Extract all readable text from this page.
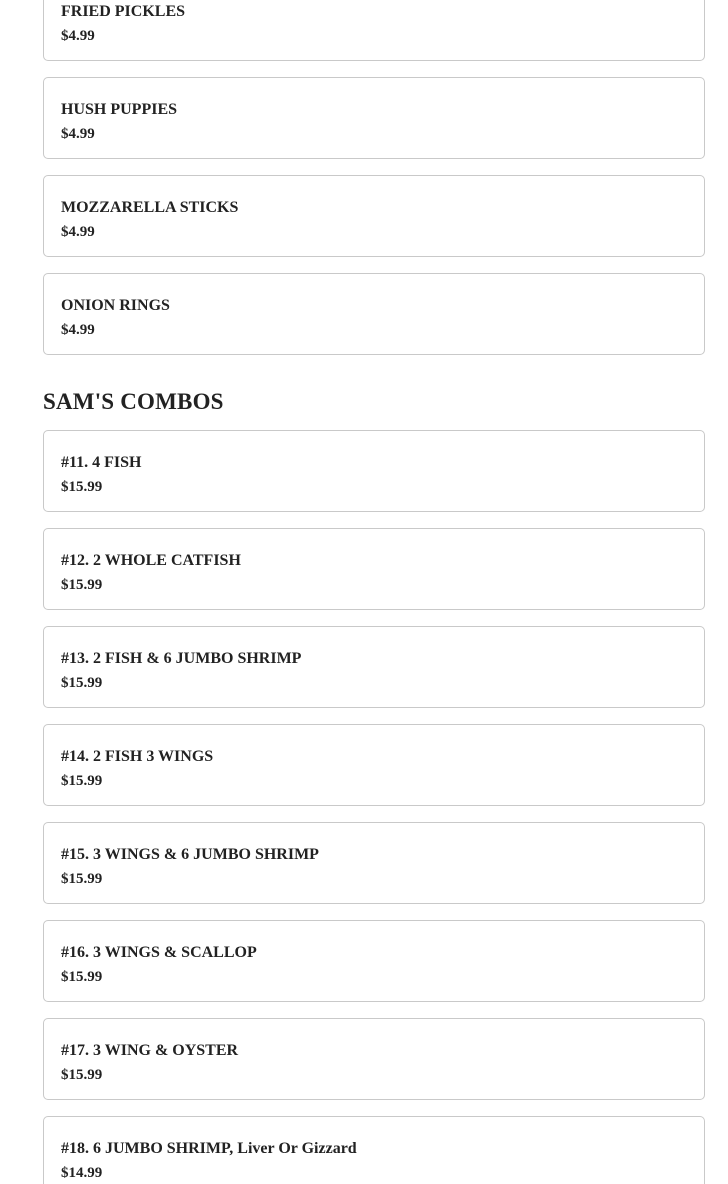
FRIED PICKLES
$4.99
HUSH PUPPIES
$4.99
MOZZARELLA STICKS
$4.99
ONION RINGS
$4.99
SAM'S COMBOS
#11. 4 FISH
$15.99
#12. 2 WHOLE CATFISH
$15.99
#13. 2 FISH & 6 JUMBO SHRIMP
$15.99
#14. 2 FISH 3 WINGS
$15.99
#15. 3 WINGS & 6 JUMBO SHRIMP
$15.99
#16. 3 WINGS & SCALLOP
$15.99
#17. 3 WING & OYSTER
$15.99
#18. 6 JUMBO SHRIMP, Liver Or Gizzard
$14.99
